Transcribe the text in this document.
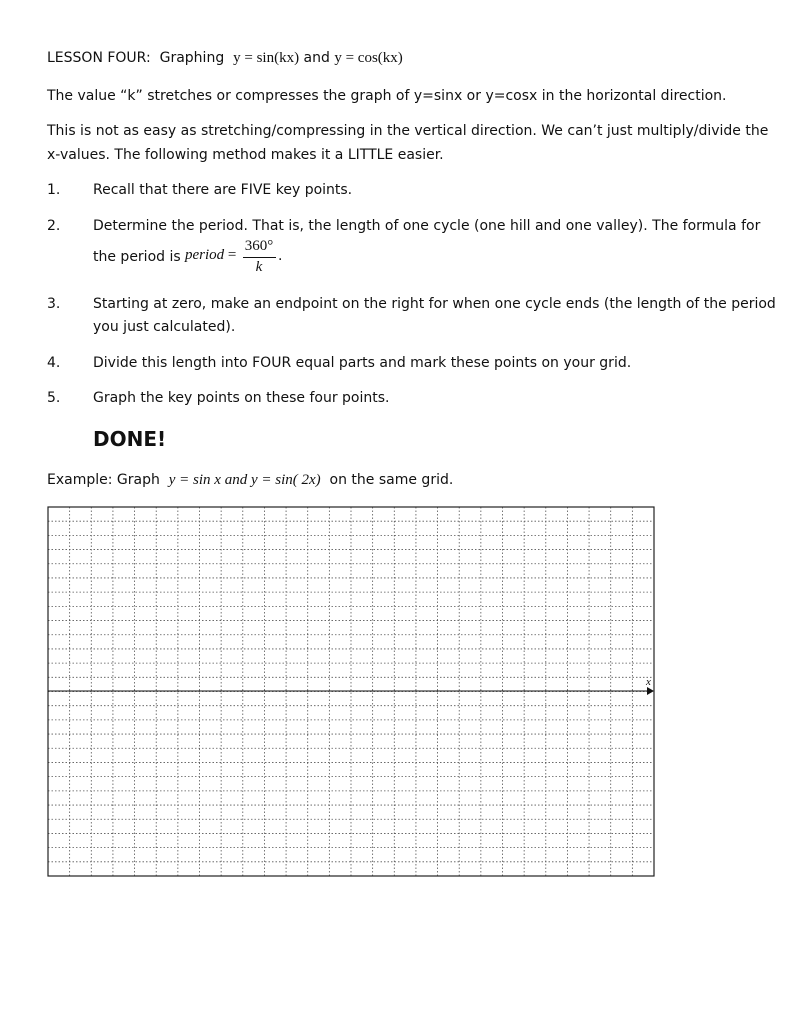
LESSON FOUR: Graphing y = sin(kx) and y = cos(kx)
The value “k” stretches or compresses the graph of y=sinx or y=cosx in the horizontal direction.
This is not as easy as stretching/compressing in the vertical direction. We can’t just multiply/divide the
x-values. The following method makes it a LITTLE easier.
1. Recall that there are FIVE key points.
2. Determine the period. That is, the length of one cycle (one hill and one valley). The formula for
the period is period =
360°
k
.
3. Starting at zero, make an endpoint on the right for when one cycle ends (the length of the period
you just calculated).
4. Divide this length into FOUR equal parts and mark these points on your grid.
5. Graph the key points on these four points.
DONE!
Example: Graph y = sin x and y = sin( 2x) on the same grid.
x
